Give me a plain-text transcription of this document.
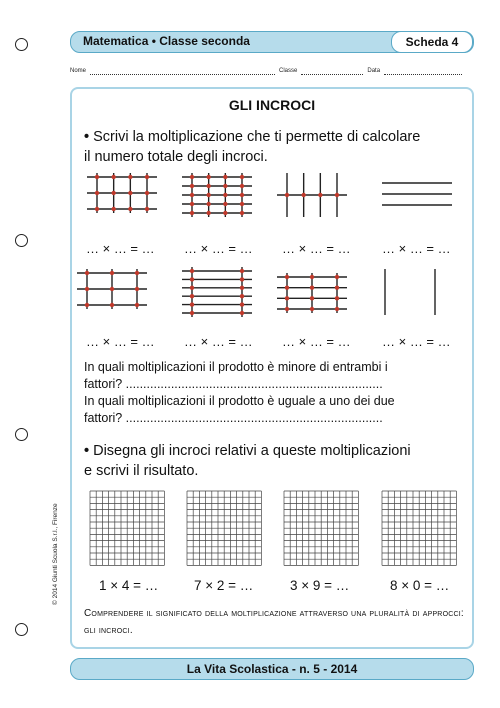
Matematica • Classe seconda	Scheda 4
Nome	Classe	Data
© 2014 Giunti Scuola S.r.l., Firenze
GLI INCROCI
• Scrivi la moltiplicazione che ti permette di calcolare
il numero totale degli incroci.
… × … = … … × … = … … × … = … … × … = …
… × … = … … × … = … … × … = … … × … = …
In quali moltiplicazioni il prodotto è minore di entrambi i
fattori? ..........................................................................
In quali moltiplicazioni il prodotto è uguale a uno dei due
fattori? ..........................................................................
• Disegna gli incroci relativi a queste moltiplicazioni
e scrivi il risultato.
1 × 4 = …	7 × 2 = …	3 × 9 = …	8 × 0 = …
Comprendere il significato della moltiplicazione attraverso una pluralità di approcci: gli incroci.
La Vita Scolastica - n. 5 - 2014
